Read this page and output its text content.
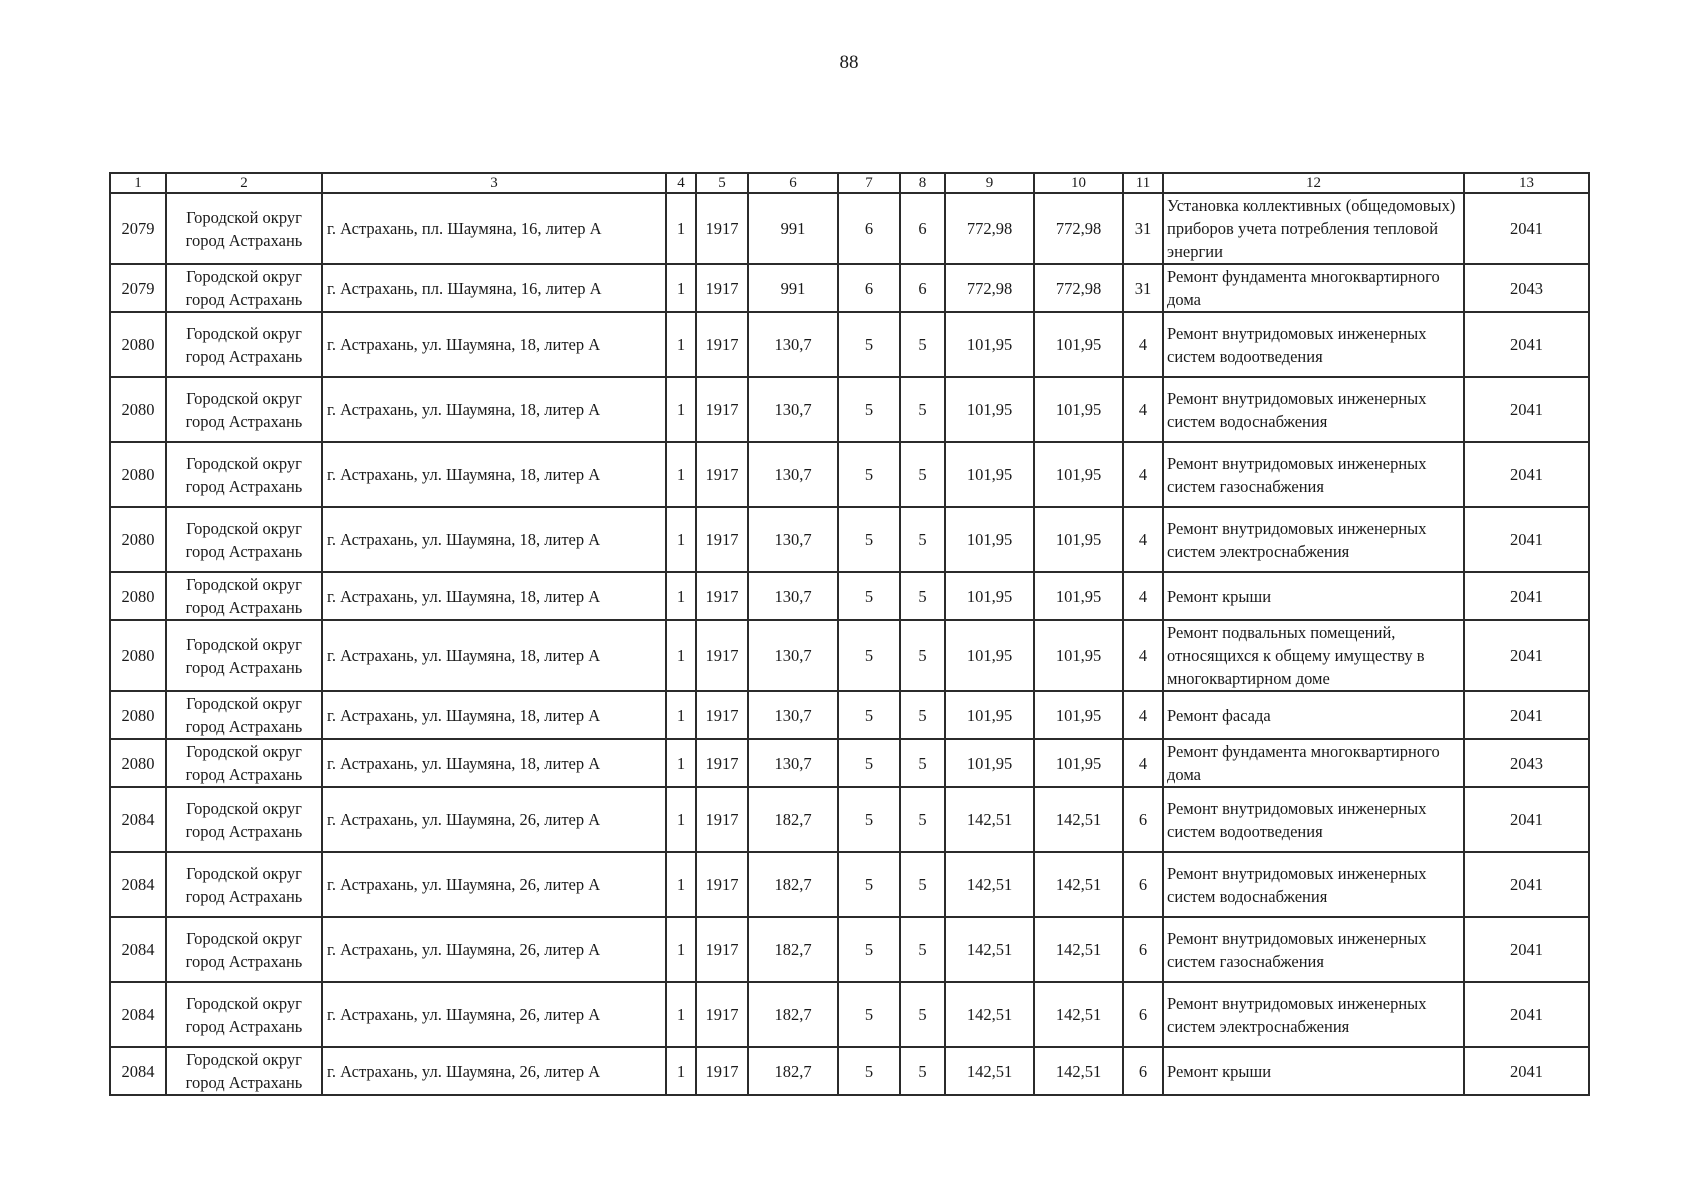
88
1	2	3	4	5	6	7	8	9	10	11	12	13
2079	Городской округ город Астрахань	г. Астрахань, пл. Шаумяна, 16, литер А	1	1917	991	6	6	772,98	772,98	31	Установка коллективных (общедомовых) приборов учета потребления тепловой энергии	2041
2079	Городской округ город Астрахань	г. Астрахань, пл. Шаумяна, 16, литер А	1	1917	991	6	6	772,98	772,98	31	Ремонт фундамента многоквартирного дома	2043
2080	Городской округ город Астрахань	г. Астрахань, ул. Шаумяна, 18, литер А	1	1917	130,7	5	5	101,95	101,95	4	Ремонт внутридомовых инженерных систем водоотведения	2041
2080	Городской округ город Астрахань	г. Астрахань, ул. Шаумяна, 18, литер А	1	1917	130,7	5	5	101,95	101,95	4	Ремонт внутридомовых инженерных систем водоснабжения	2041
2080	Городской округ город Астрахань	г. Астрахань, ул. Шаумяна, 18, литер А	1	1917	130,7	5	5	101,95	101,95	4	Ремонт внутридомовых инженерных систем газоснабжения	2041
2080	Городской округ город Астрахань	г. Астрахань, ул. Шаумяна, 18, литер А	1	1917	130,7	5	5	101,95	101,95	4	Ремонт внутридомовых инженерных систем электроснабжения	2041
2080	Городской округ город Астрахань	г. Астрахань, ул. Шаумяна, 18, литер А	1	1917	130,7	5	5	101,95	101,95	4	Ремонт крыши	2041
2080	Городской округ город Астрахань	г. Астрахань, ул. Шаумяна, 18, литер А	1	1917	130,7	5	5	101,95	101,95	4	Ремонт подвальных помещений, относящихся к общему имуществу в многоквартирном доме	2041
2080	Городской округ город Астрахань	г. Астрахань, ул. Шаумяна, 18, литер А	1	1917	130,7	5	5	101,95	101,95	4	Ремонт фасада	2041
2080	Городской округ город Астрахань	г. Астрахань, ул. Шаумяна, 18, литер А	1	1917	130,7	5	5	101,95	101,95	4	Ремонт фундамента многоквартирного дома	2043
2084	Городской округ город Астрахань	г. Астрахань, ул. Шаумяна, 26, литер А	1	1917	182,7	5	5	142,51	142,51	6	Ремонт внутридомовых инженерных систем водоотведения	2041
2084	Городской округ город Астрахань	г. Астрахань, ул. Шаумяна, 26, литер А	1	1917	182,7	5	5	142,51	142,51	6	Ремонт внутридомовых инженерных систем водоснабжения	2041
2084	Городской округ город Астрахань	г. Астрахань, ул. Шаумяна, 26, литер А	1	1917	182,7	5	5	142,51	142,51	6	Ремонт внутридомовых инженерных систем газоснабжения	2041
2084	Городской округ город Астрахань	г. Астрахань, ул. Шаумяна, 26, литер А	1	1917	182,7	5	5	142,51	142,51	6	Ремонт внутридомовых инженерных систем электроснабжения	2041
2084	Городской округ город Астрахань	г. Астрахань, ул. Шаумяна, 26, литер А	1	1917	182,7	5	5	142,51	142,51	6	Ремонт крыши	2041
